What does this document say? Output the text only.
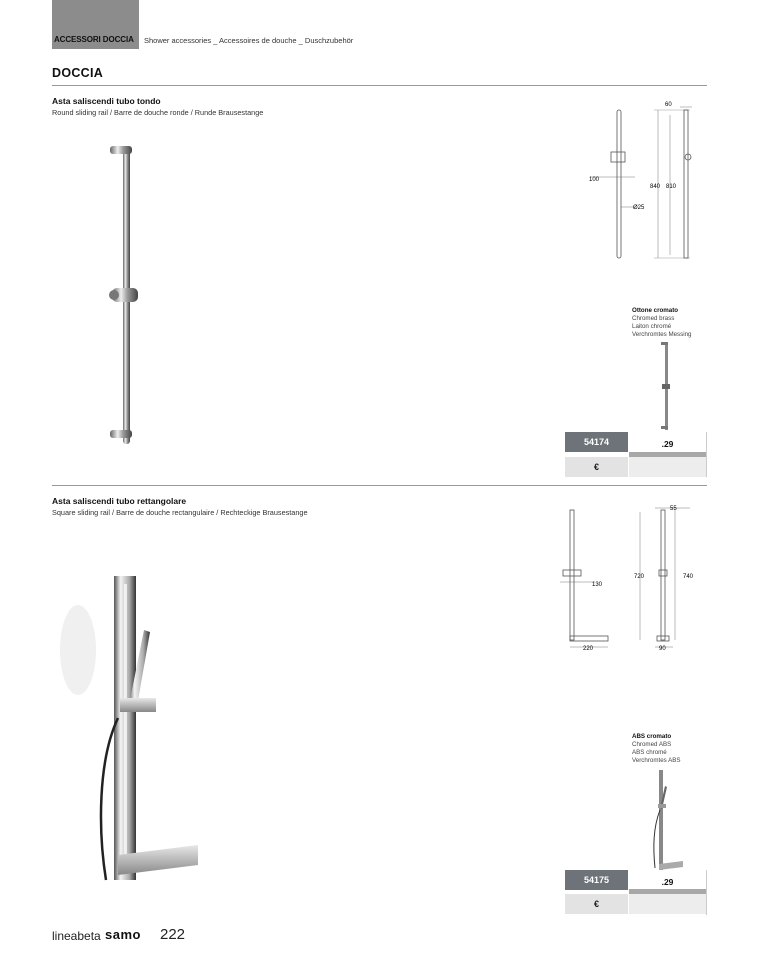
ACCESSORI DOCCIA Shower accessories _ Accessoires de douche _ Duschzubehör
DOCCIA
Asta saliscendi tubo tondo
Round sliding rail / Barre de douche ronde / Runde Brausestange
60
100
840 810
Ø25
Ottone cromato
Chromed brass
Laiton chromé
Verchromtes Messing
54174	.29
€
Asta saliscendi tubo rettangolare
Square sliding rail / Barre de douche rectangulaire / Rechteckige Brausestange	55
720	740
130
220	90
ABS cromato
Chromed ABS
ABS chromé
Verchromtes ABS
54175	.29
€
lineabeta samo 222
